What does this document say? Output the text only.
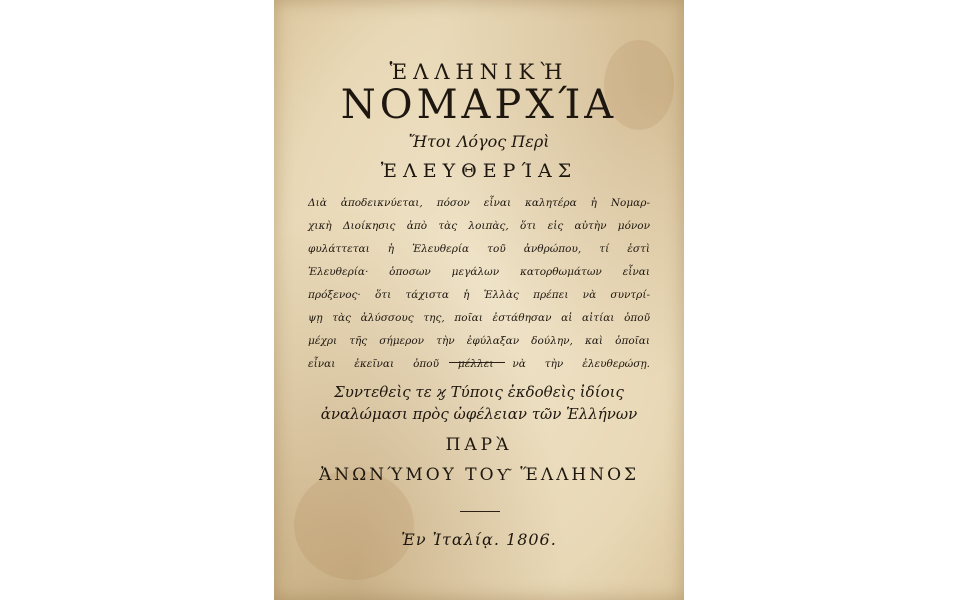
ἙΛΛΗΝΙΚῊ
ΝΟΜΑΡΧΊΑ
Ἤτοι Λόγος Περὶ
ἘΛΕΥΘΕΡΊΑΣ
Διὰ ἀποδεικνύεται, πόσον εἶναι καλητέρα ἡ Νομαρ-
χικὴ Διοίκησις ἀπὸ τὰς λοιπὰς, ὅτι εἰς αὐτὴν μόνον
φυλάττεται ἡ Ἐλευθερία τοῦ ἀνθρώπου, τί ἐστὶ
Ἐλευθερία· ὁποσων μεγάλων κατορθωμάτων εἶναι
πρόξενος· ὅτι τάχιστα ἡ Ἑλλὰς πρέπει νὰ συντρί-
ψῃ τὰς ἁλύσσους της, ποῖαι ἐστάθησαν αἱ αἰτίαι ὁποῦ
μέχρι τῆς σήμερον τὴν ἐφύλαξαν δούλην, καὶ ὁποῖαι
εἶναι ἐκεῖναι ὁποῦ μέλλει νὰ τὴν ἐλευθερώσῃ.
Συντεθεὶς τε ϗ Τύποις ἐκδοθεὶς ἰδίοις
ἀναλώμασι πρὸς ὠφέλειαν τῶν Ἑλλήνων
ΠΑΡᾺ
ἈΝΩΝΎΜΟΥ ΤΟΥ͂ ἝΛΛΗΝΟΣ
Ἐν Ἰταλίᾳ. 1806.
